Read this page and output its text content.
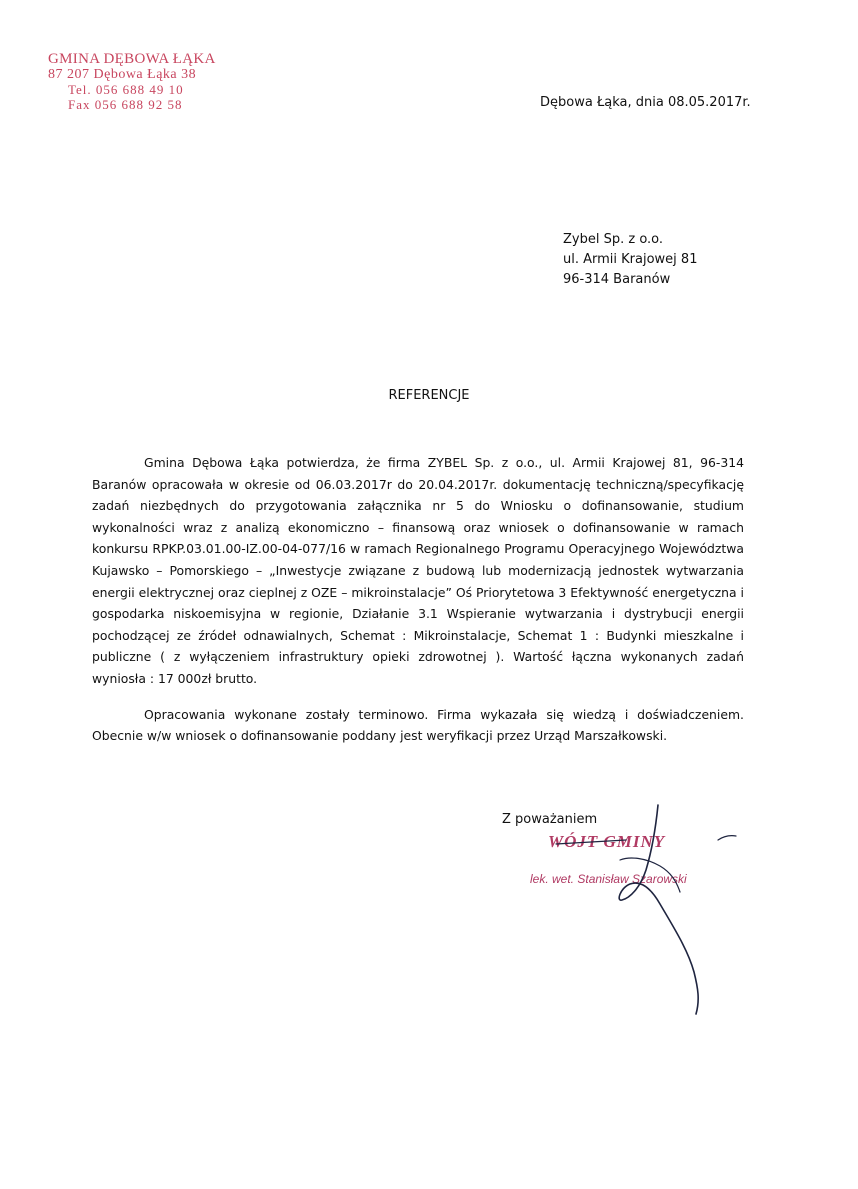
GMINA DĘBOWA ŁĄKA
87 207 Dębowa Łąka 38
Tel. 056 688 49 10
Fax 056 688 92 58	Dębowa Łąka, dnia 08.05.2017r.
Zybel Sp. z o.o.
ul. Armii Krajowej 81
96-314 Baranów
REFERENCJE

Gmina Dębowa Łąka potwierdza, że firma ZYBEL Sp. z o.o., ul. Armii Krajowej 81, 96-314 Baranów opracowała w okresie od 06.03.2017r do 20.04.2017r. dokumentację techniczną/specyfikację zadań niezbędnych do przygotowania załącznika nr 5 do Wniosku o dofinansowanie, studium wykonalności wraz z analizą ekonomiczno – finansową oraz wniosek o dofinansowanie w ramach konkursu RPKP.03.01.00-IZ.00-04-077/16 w ramach Regionalnego Programu Operacyjnego Województwa Kujawsko – Pomorskiego – „Inwestycje związane z budową lub modernizacją jednostek wytwarzania energii elektrycznej oraz cieplnej z OZE – mikroinstalacje” Oś Priorytetowa 3 Efektywność energetyczna i gospodarka niskoemisyjna w regionie, Działanie 3.1 Wspieranie wytwarzania i dystrybucji energii pochodzącej ze źródeł odnawialnych, Schemat : Mikroinstalacje, Schemat 1 : Budynki mieszkalne i publiczne ( z wyłączeniem infrastruktury opieki zdrowotnej ). Wartość łączna wykonanych zadań wyniosła : 17 000zł brutto.

Opracowania wykonane zostały terminowo. Firma wykazała się wiedzą i doświadczeniem. Obecnie w/w wniosek o dofinansowanie poddany jest weryfikacji przez Urząd Marszałkowski.

Z poważaniem
WÓJT GMINY
lek. wet. Stanisław Szarowski
